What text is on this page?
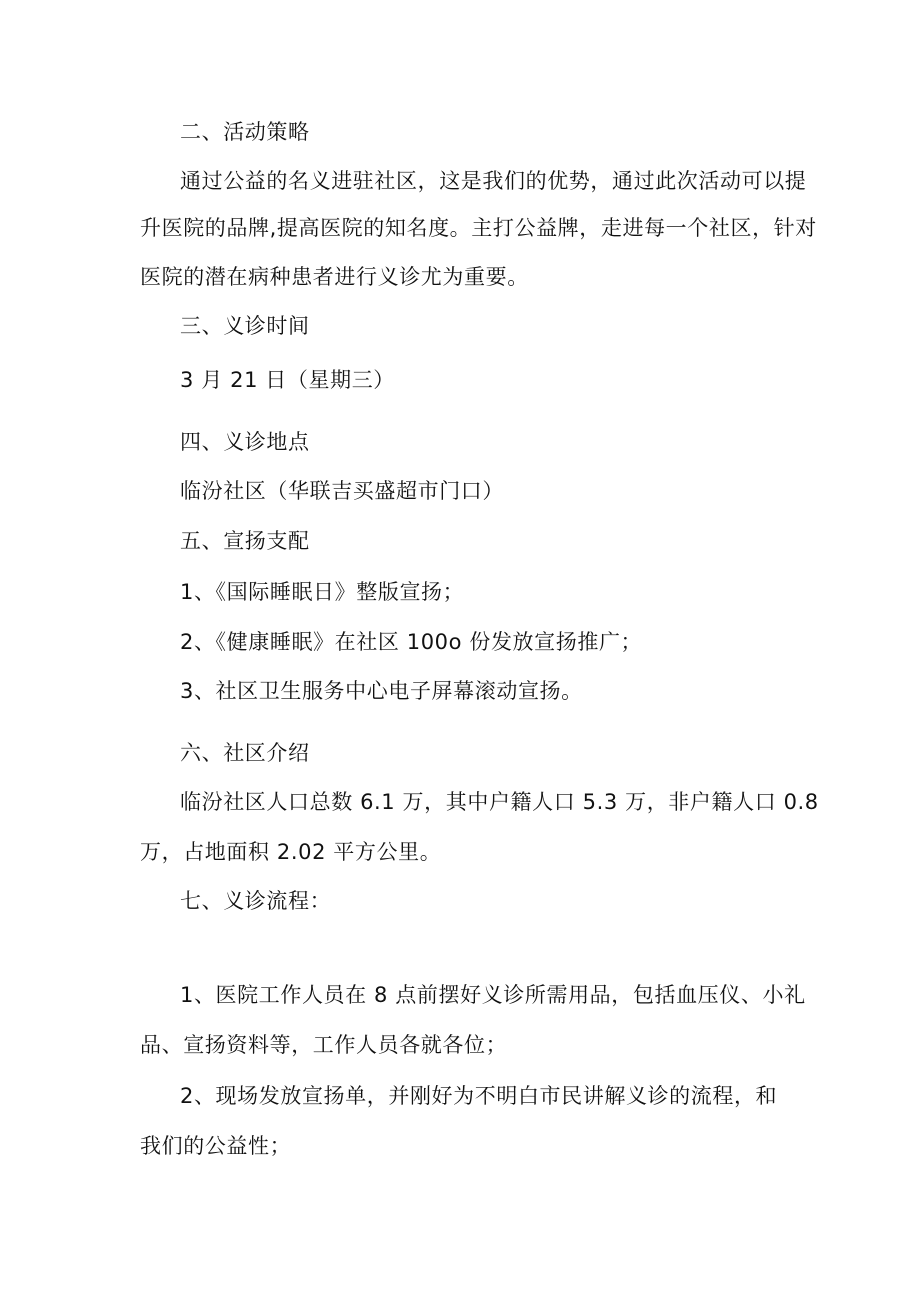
二、活动策略
通过公益的名义进驻社区，这是我们的优势，通过此次活动可以提
升医院的品牌,提高医院的知名度。主打公益牌，走进每一个社区，针对
医院的潜在病种患者进行义诊尤为重要。
三、义诊时间
3 月 21 日（星期三）
四、义诊地点
临汾社区（华联吉买盛超市门口）
五、宣扬支配
1、《国际睡眠日》整版宣扬；
2、《健康睡眠》在社区 100o 份发放宣扬推广；
3、社区卫生服务中心电子屏幕滚动宣扬。
六、社区介绍
临汾社区人口总数 6.1 万，其中户籍人口 5.3 万，非户籍人口 0.8
万，占地面积 2.02 平方公里。
七、义诊流程：
1、医院工作人员在 8 点前摆好义诊所需用品，包括血压仪、小礼
品、宣扬资料等，工作人员各就各位；
2、现场发放宣扬单，并刚好为不明白市民讲解义诊的流程，和
我们的公益性；
